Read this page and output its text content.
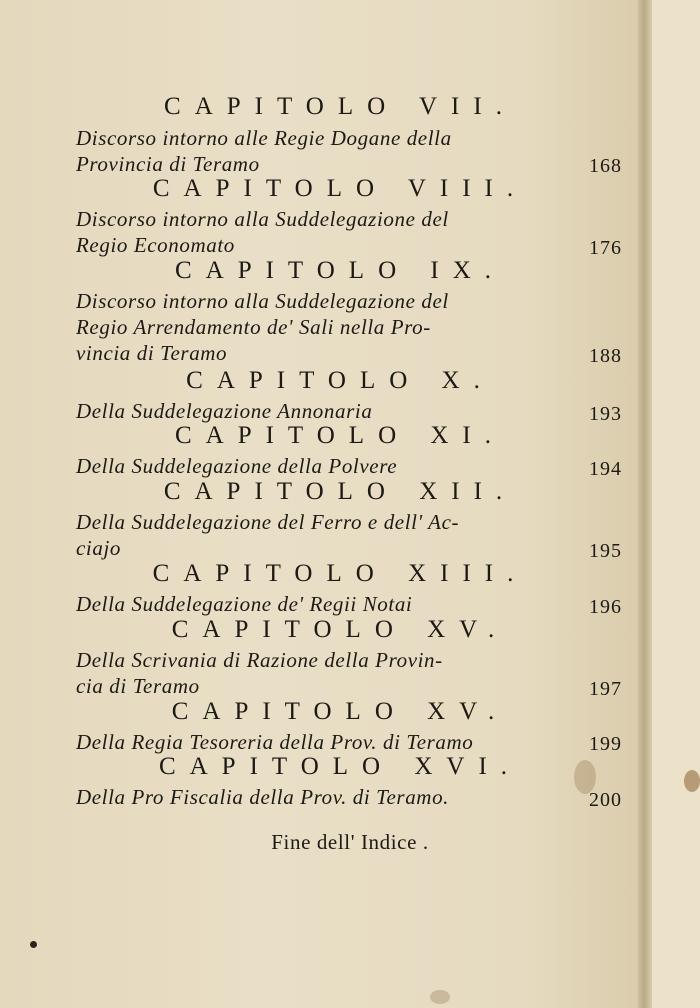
CAPITOLO VII.
Discorso intorno alle Regie Dogane della
Provincia di Teramo	168
CAPITOLO VIII.
Discorso intorno alla Suddelegazione del
Regio Economato	176
CAPITOLO IX.
Discorso intorno alla Suddelegazione del
Regio Arrendamento de' Sali nella Pro-
vincia di Teramo	188
CAPITOLO X.
Della Suddelegazione Annonaria	193
CAPITOLO XI.
Della Suddelegazione della Polvere	194
CAPITOLO XII.
Della Suddelegazione del Ferro e dell' Ac-
ciajo	195
CAPITOLO XIII.
Della Suddelegazione de' Regii Notai	196
CAPITOLO XV.
Della Scrivania di Razione della Provin-
cia di Teramo	197
CAPITOLO XV.
Della Regia Tesoreria della Prov. di Teramo	199
CAPITOLO XVI.
Della Pro Fiscalia della Prov. di Teramo.	200
Fine dell' Indice .
